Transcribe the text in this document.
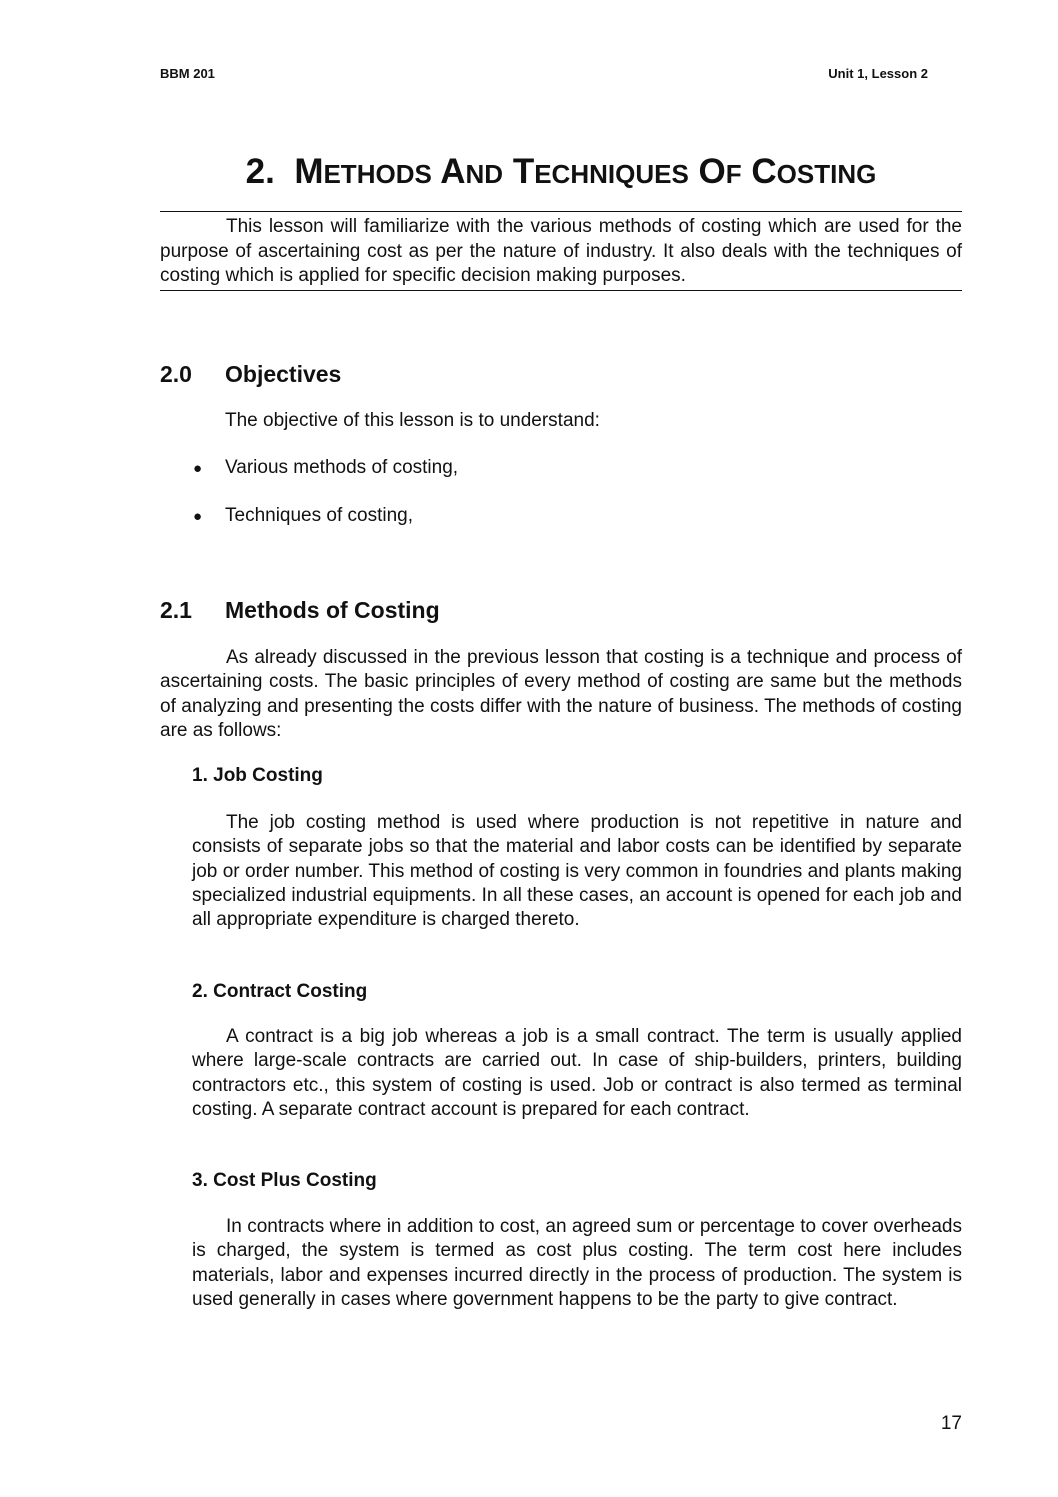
BBM 201	Unit 1, Lesson 2
2. METHODS AND TECHNIQUES OF COSTING

This lesson will familiarize with the various methods of costing which are used for the purpose of ascertaining cost as per the nature of industry. It also deals with the techniques of costing which is applied for specific decision making purposes.

2.0 Objectives

The objective of this lesson is to understand:

● Various methods of costing,
● Techniques of costing,
2.1 Methods of Costing

As already discussed in the previous lesson that costing is a technique and process of ascertaining costs. The basic principles of every method of costing are same but the methods of analyzing and presenting the costs differ with the nature of business. The methods of costing are as follows:

1. Job Costing

The job costing method is used where production is not repetitive in nature and consists of separate jobs so that the material and labor costs can be identified by separate job or order number. This method of costing is very common in foundries and plants making specialized industrial equipments. In all these cases, an account is opened for each job and all appropriate expenditure is charged thereto.

2. Contract Costing

A contract is a big job whereas a job is a small contract. The term is usually applied where large-scale contracts are carried out. In case of ship-builders, printers, building contractors etc., this system of costing is used. Job or contract is also termed as terminal costing. A separate contract account is prepared for each contract.

3. Cost Plus Costing

In contracts where in addition to cost, an agreed sum or percentage to cover overheads is charged, the system is termed as cost plus costing. The term cost here includes materials, labor and expenses incurred directly in the process of production. The system is used generally in cases where government happens to be the party to give contract.

17
